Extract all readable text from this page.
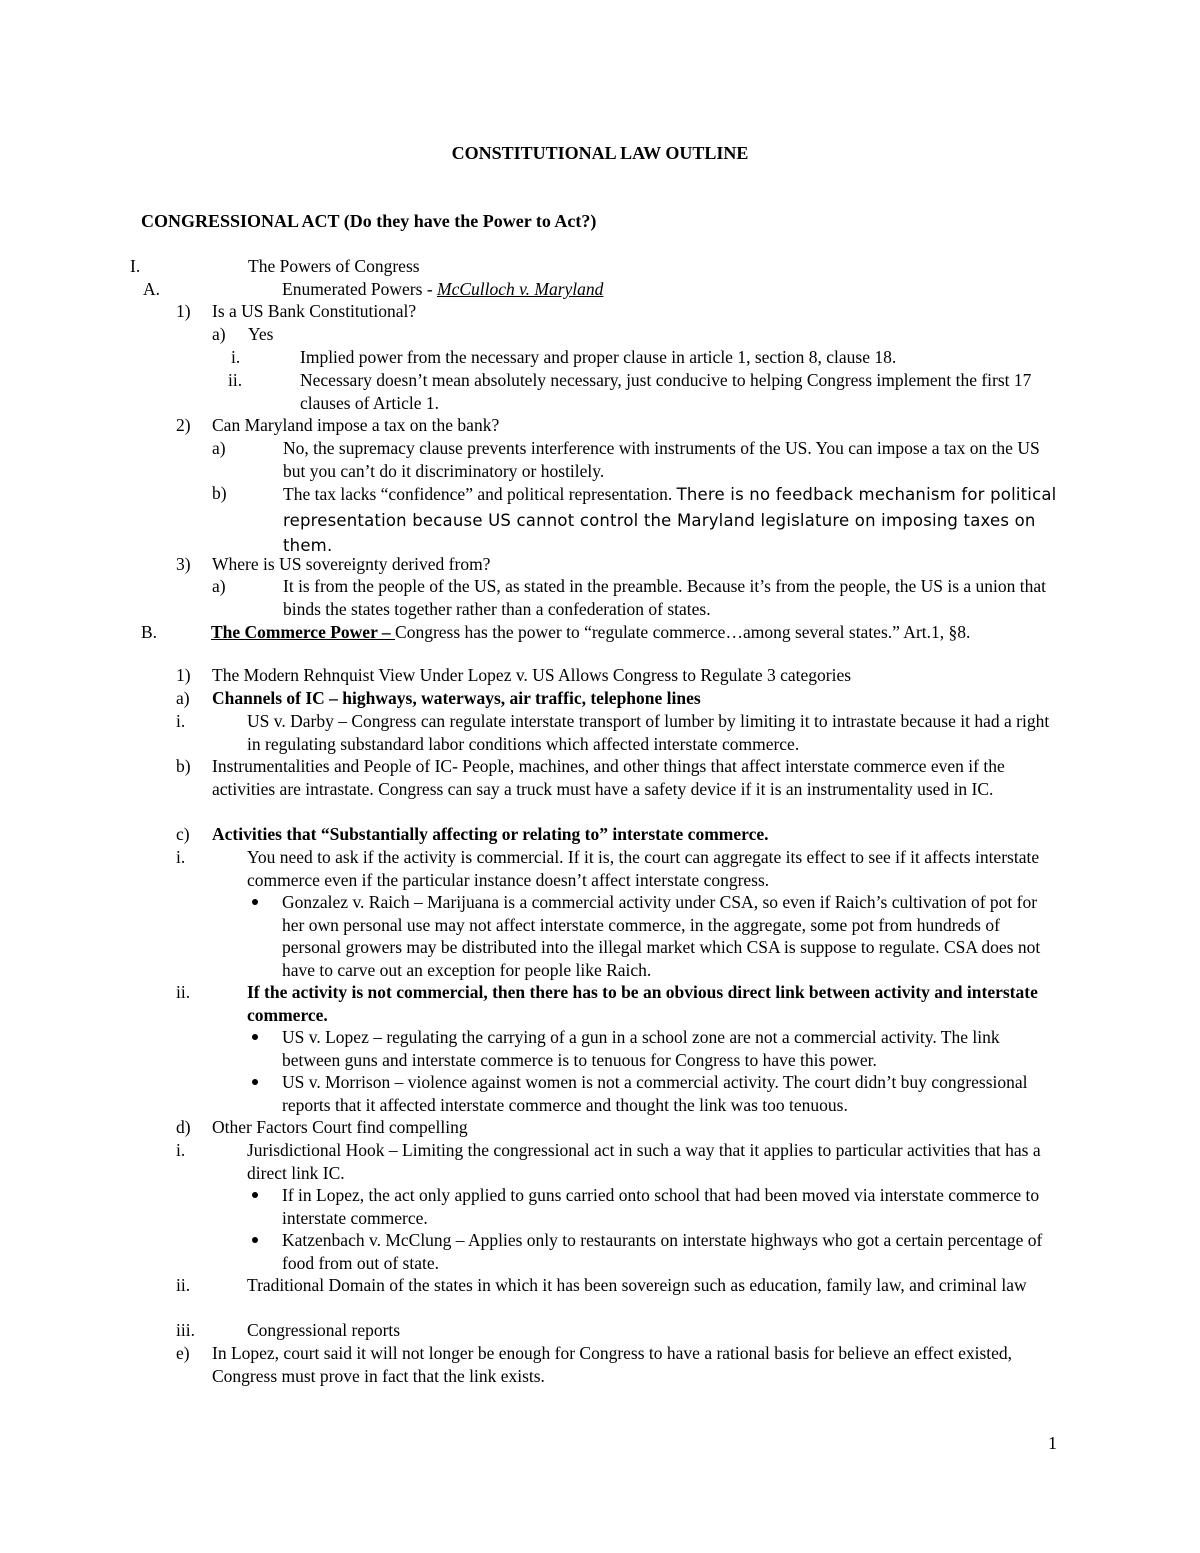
CONSTITUTIONAL LAW OUTLINE
CONGRESSIONAL ACT (Do they have the Power to Act?)
I.	The Powers of Congress
A.	Enumerated Powers - McCulloch v. Maryland
1) Is a US Bank Constitutional?
a) Yes
i.	Implied power from the necessary and proper clause in article 1, section 8, clause 18.
ii.	Necessary doesn’t mean absolutely necessary, just conducive to helping Congress implement the first 17 clauses of Article 1.
2) Can Maryland impose a tax on the bank?
a)	No, the supremacy clause prevents interference with instruments of the US. You can impose a tax on the US but you can’t do it discriminatory or hostilely.
b)	The tax lacks “confidence” and political representation. There is no feedback mechanism for political representation because US cannot control the Maryland legislature on imposing taxes on them.
3) Where is US sovereignty derived from?
a)	It is from the people of the US, as stated in the preamble. Because it’s from the people, the US is a union that binds the states together rather than a confederation of states.
The Commerce Power – Congress has the power to “regulate commerce…among several states.” Art.1, §8.
B.
1) The Modern Rehnquist View Under Lopez v. US Allows Congress to Regulate 3 categories
a) Channels of IC – highways, waterways, air traffic, telephone lines
i.	US v. Darby – Congress can regulate interstate transport of lumber by limiting it to intrastate because it had a right in regulating substandard labor conditions which affected interstate commerce.
b) Instrumentalities and People of IC- People, machines, and other things that affect interstate commerce even if the activities are intrastate. Congress can say a truck must have a safety device if it is an instrumentality used in IC.
c) Activities that “Substantially affecting or relating to” interstate commerce.
i.	You need to ask if the activity is commercial. If it is, the court can aggregate its effect to see if it affects interstate commerce even if the particular instance doesn’t affect interstate congress.
Gonzalez v. Raich – Marijuana is a commercial activity under CSA, so even if Raich’s cultivation of pot for her own personal use may not affect interstate commerce, in the aggregate, some pot from hundreds of personal growers may be distributed into the illegal market which CSA is suppose to regulate. CSA does not have to carve out an exception for people like Raich.
ii.	If the activity is not commercial, then there has to be an obvious direct link between activity and interstate commerce.
US v. Lopez – regulating the carrying of a gun in a school zone are not a commercial activity. The link between guns and interstate commerce is to tenuous for Congress to have this power.
US v. Morrison – violence against women is not a commercial activity. The court didn’t buy congressional reports that it affected interstate commerce and thought the link was too tenuous.
d) Other Factors Court find compelling
i.	Jurisdictional Hook – Limiting the congressional act in such a way that it applies to particular activities that has a direct link IC.
If in Lopez, the act only applied to guns carried onto school that had been moved via interstate commerce to interstate commerce.
Katzenbach v. McClung – Applies only to restaurants on interstate highways who got a certain percentage of food from out of state.
ii.	Traditional Domain of the states in which it has been sovereign such as education, family law, and criminal law
iii.	Congressional reports
e) In Lopez, court said it will not longer be enough for Congress to have a rational basis for believe an effect existed, Congress must prove in fact that the link exists.
1
